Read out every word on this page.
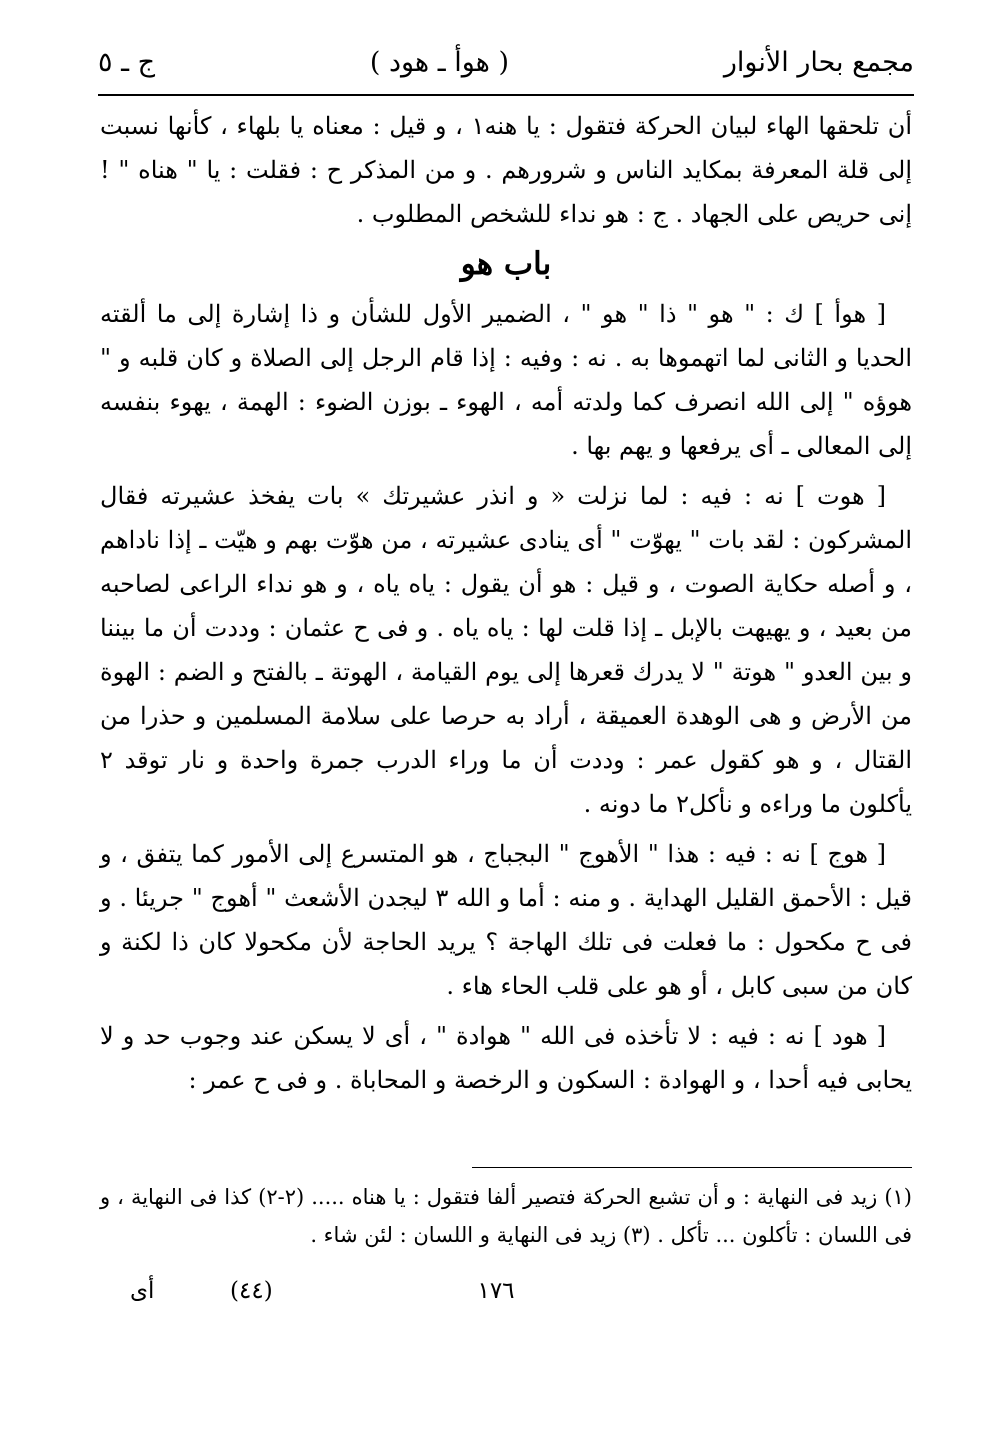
مجمع بحار الأنوار
( هوأ ـ هود )
ج ـ ٥

أن تلحقها الهاء لبيان الحركة فتقول : يا هنه١ ، و قيل : معناه يا بلهاء ، كأنها نسبت إلى قلة المعرفة بمكايد الناس و شرورهم . و من المذكر ح : فقلت : يا " هناه " ! إنى حريص على الجهاد . ج : هو نداء للشخص المطلوب .

باب هو

[ هوأ ] ك : " هو " ذا " هو " ، الضمير الأول للشأن و ذا إشارة إلى ما ألقته الحديا و الثانى لما اتهموها به . نه : وفيه : إذا قام الرجل إلى الصلاة و كان قلبه و " هوؤه " إلى الله انصرف كما ولدته أمه ، الهوء ـ بوزن الضوء : الهمة ، يهوء بنفسه إلى المعالى ـ أى يرفعها و يهم بها .

[ هوت ] نه : فيه : لما نزلت « و انذر عشيرتك » بات يفخذ عشيرته فقال المشركون : لقد بات " يهوّت " أى ينادى عشيرته ، من هوّت بهم و هيّت ـ إذا ناداهم ، و أصله حكاية الصوت ، و قيل : هو أن يقول : ياه ياه ، و هو نداء الراعى لصاحبه من بعيد ، و يهيهت بالإبل ـ إذا قلت لها : ياه ياه . و فى ح عثمان : وددت أن ما بيننا و بين العدو " هوتة " لا يدرك قعرها إلى يوم القيامة ، الهوتة ـ بالفتح و الضم : الهوة من الأرض و هى الوهدة العميقة ، أراد به حرصا على سلامة المسلمين و حذرا من القتال ، و هو كقول عمر : وددت أن ما وراء الدرب جمرة واحدة و نار توقد ٢ يأكلون ما وراءه و نأكل٢ ما دونه .

[ هوج ] نه : فيه : هذا " الأهوج " البجباج ، هو المتسرع إلى الأمور كما يتفق ، و قيل : الأحمق القليل الهداية . و منه : أما و الله ٣ ليجدن الأشعث " أهوج " جريئا . و فى ح مكحول : ما فعلت فى تلك الهاجة ؟ يريد الحاجة لأن مكحولا كان ذا لكنة و كان من سبى كابل ، أو هو على قلب الحاء هاء .

[ هود ] نه : فيه : لا تأخذه فى الله " هوادة " ، أى لا يسكن عند وجوب حد و لا يحابى فيه أحدا ، و الهوادة : السكون و الرخصة و المحاباة . و فى ح عمر :

(١) زيد فى النهاية : و أن تشبع الحركة فتصير ألفا فتقول : يا هناه ..... (٢-٢) كذا فى النهاية ، و فى اللسان : تأكلون ... تأكل . (٣) زيد فى النهاية و اللسان : لئن شاء .

أى	(٤٤)	١٧٦
